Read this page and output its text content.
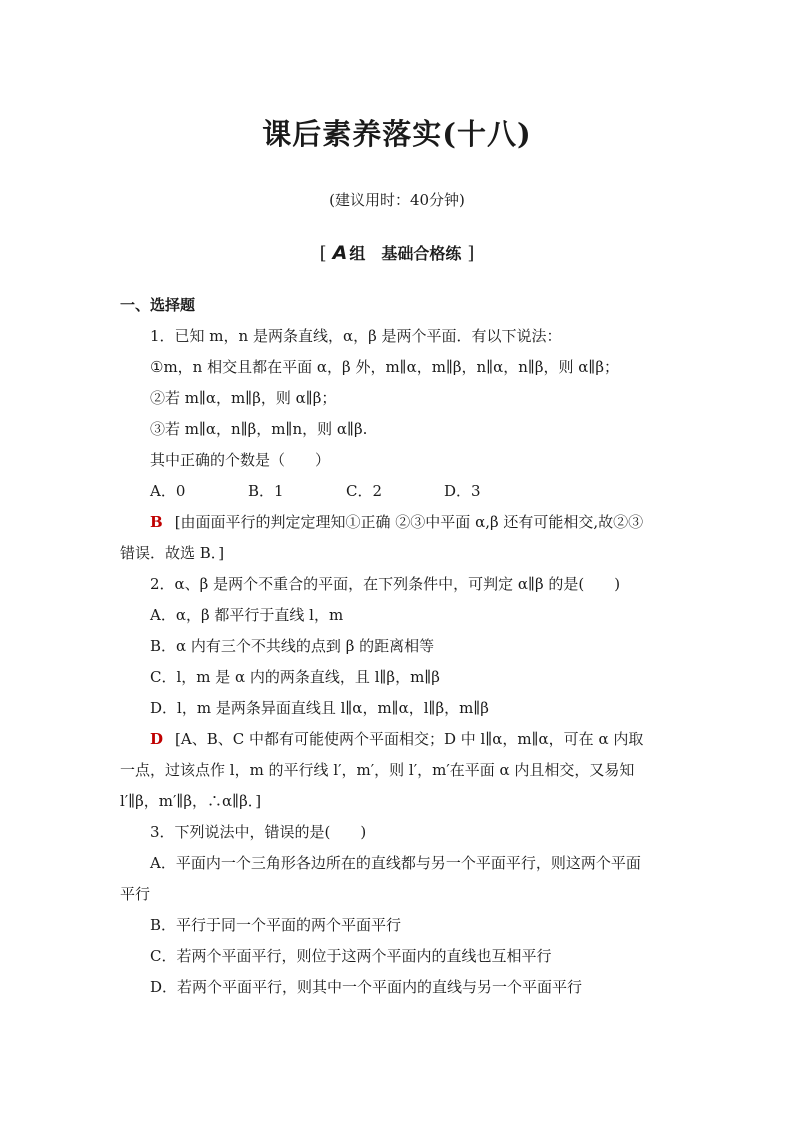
课后素养落实(十八)
(建议用时：40分钟)
[ A 组 基础合格练 ]
一、选择题
1．已知 m，n 是两条直线，α，β 是两个平面．有以下说法：
①m，n 相交且都在平面 α，β 外，m∥α，m∥β，n∥α，n∥β，则 α∥β；
②若 m∥α，m∥β，则 α∥β；
③若 m∥α，n∥β，m∥n，则 α∥β.
其中正确的个数是（　　）
A．0	B．1	C．2	D．3
B [由面面平行的判定定理知①正确 ②③中平面 α,β 还有可能相交,故②③
错误．故选 B．]
2．α、β 是两个不重合的平面，在下列条件中，可判定 α∥β 的是(　　)
A．α，β 都平行于直线 l，m
B．α 内有三个不共线的点到 β 的距离相等
C．l，m 是 α 内的两条直线，且 l∥β，m∥β
D．l，m 是两条异面直线且 l∥α，m∥α，l∥β，m∥β
D [A、B、C 中都有可能使两个平面相交；D 中 l∥α，m∥α，可在 α 内取
一点，过该点作 l，m 的平行线 l′，m′，则 l′，m′在平面 α 内且相交，又易知
l′∥β，m′∥β，∴α∥β．]
3．下列说法中，错误的是(　　)
A．平面内一个三角形各边所在的直线都与另一个平面平行，则这两个平面
平行
B．平行于同一个平面的两个平面平行
C．若两个平面平行，则位于这两个平面内的直线也互相平行
D．若两个平面平行，则其中一个平面内的直线与另一个平面平行
